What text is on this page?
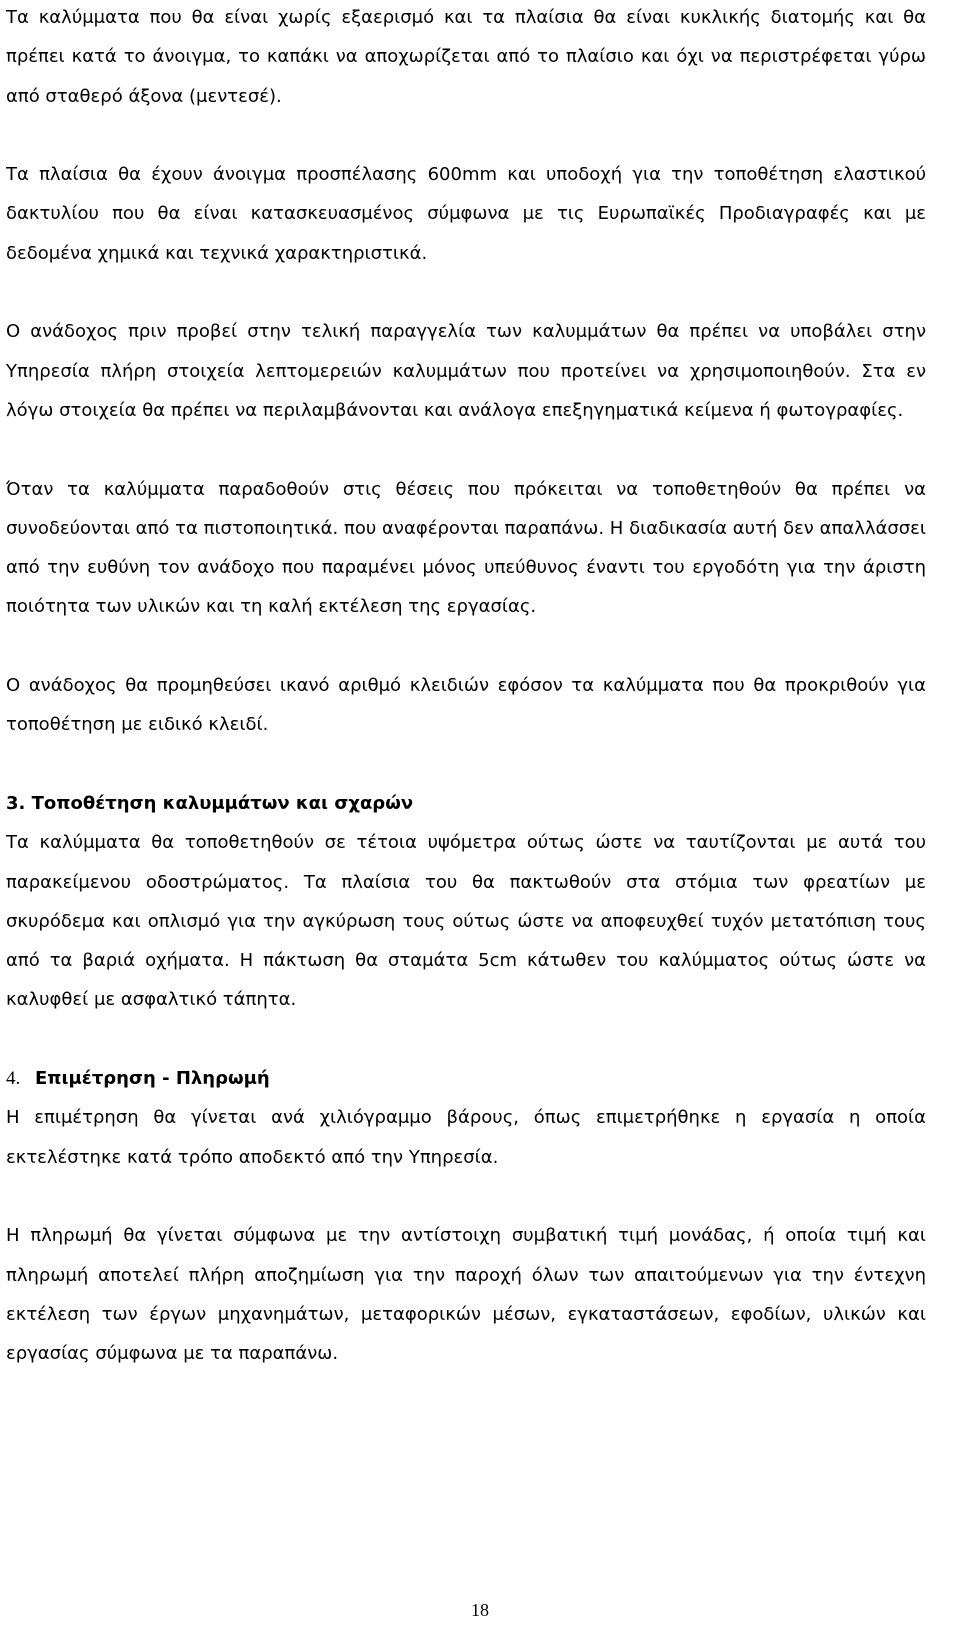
Τα καλύμματα που θα είναι χωρίς εξαερισμό και τα πλαίσια θα είναι κυκλικής διατομής και θα πρέπει κατά το άνοιγμα, το καπάκι να αποχωρίζεται από το πλαίσιο και όχι να περιστρέφεται γύρω από σταθερό άξονα (μεντεσέ).

Τα πλαίσια θα έχουν άνοιγμα προσπέλασης 600mm και υποδοχή για την τοποθέτηση ελαστικού δακτυλίου που θα είναι κατασκευασμένος σύμφωνα με τις Ευρωπαϊκές Προδιαγραφές και με δεδομένα χημικά και τεχνικά χαρακτηριστικά.

Ο ανάδοχος πριν προβεί στην τελική παραγγελία των καλυμμάτων θα πρέπει να υποβάλει στην Υπηρεσία πλήρη στοιχεία λεπτομερειών καλυμμάτων που προτείνει να χρησιμοποιηθούν. Στα εν λόγω στοιχεία θα πρέπει να περιλαμβάνονται και ανάλογα επεξηγηματικά κείμενα ή φωτογραφίες.

Όταν τα καλύμματα παραδοθούν στις θέσεις που πρόκειται να τοποθετηθούν θα πρέπει να συνοδεύονται από τα πιστοποιητικά. που αναφέρονται παραπάνω. Η διαδικασία αυτή δεν απαλλάσσει από την ευθύνη τον ανάδοχο που παραμένει μόνος υπεύθυνος έναντι του εργοδότη για την άριστη ποιότητα των υλικών και τη καλή εκτέλεση της εργασίας.

Ο ανάδοχος θα προμηθεύσει ικανό αριθμό κλειδιών εφόσον τα καλύμματα που θα προκριθούν για τοποθέτηση με ειδικό κλειδί.

3. Τοποθέτηση καλυμμάτων και σχαρών

Τα καλύμματα θα τοποθετηθούν σε τέτοια υψόμετρα ούτως ώστε να ταυτίζονται με αυτά του παρακείμενου οδοστρώματος. Τα πλαίσια του θα πακτωθούν στα στόμια των φρεατίων με σκυρόδεμα και οπλισμό για την αγκύρωση τους ούτως ώστε να αποφευχθεί τυχόν μετατόπιση τους από τα βαριά οχήματα. Η πάκτωση θα σταμάτα 5cm κάτωθεν του καλύμματος ούτως ώστε να καλυφθεί με ασφαλτικό τάπητα.

4. Επιμέτρηση - Πληρωμή

Η επιμέτρηση θα γίνεται ανά χιλιόγραμμο βάρους, όπως επιμετρήθηκε η εργασία η οποία εκτελέστηκε κατά τρόπο αποδεκτό από την Υπηρεσία.

Η πληρωμή θα γίνεται σύμφωνα με την αντίστοιχη συμβατική τιμή μονάδας, ή οποία τιμή και πληρωμή αποτελεί πλήρη αποζημίωση για την παροχή όλων των απαιτούμενων για την έντεχνη εκτέλεση των έργων μηχανημάτων, μεταφορικών μέσων, εγκαταστάσεων, εφοδίων, υλικών και εργασίας σύμφωνα με τα παραπάνω.

18
